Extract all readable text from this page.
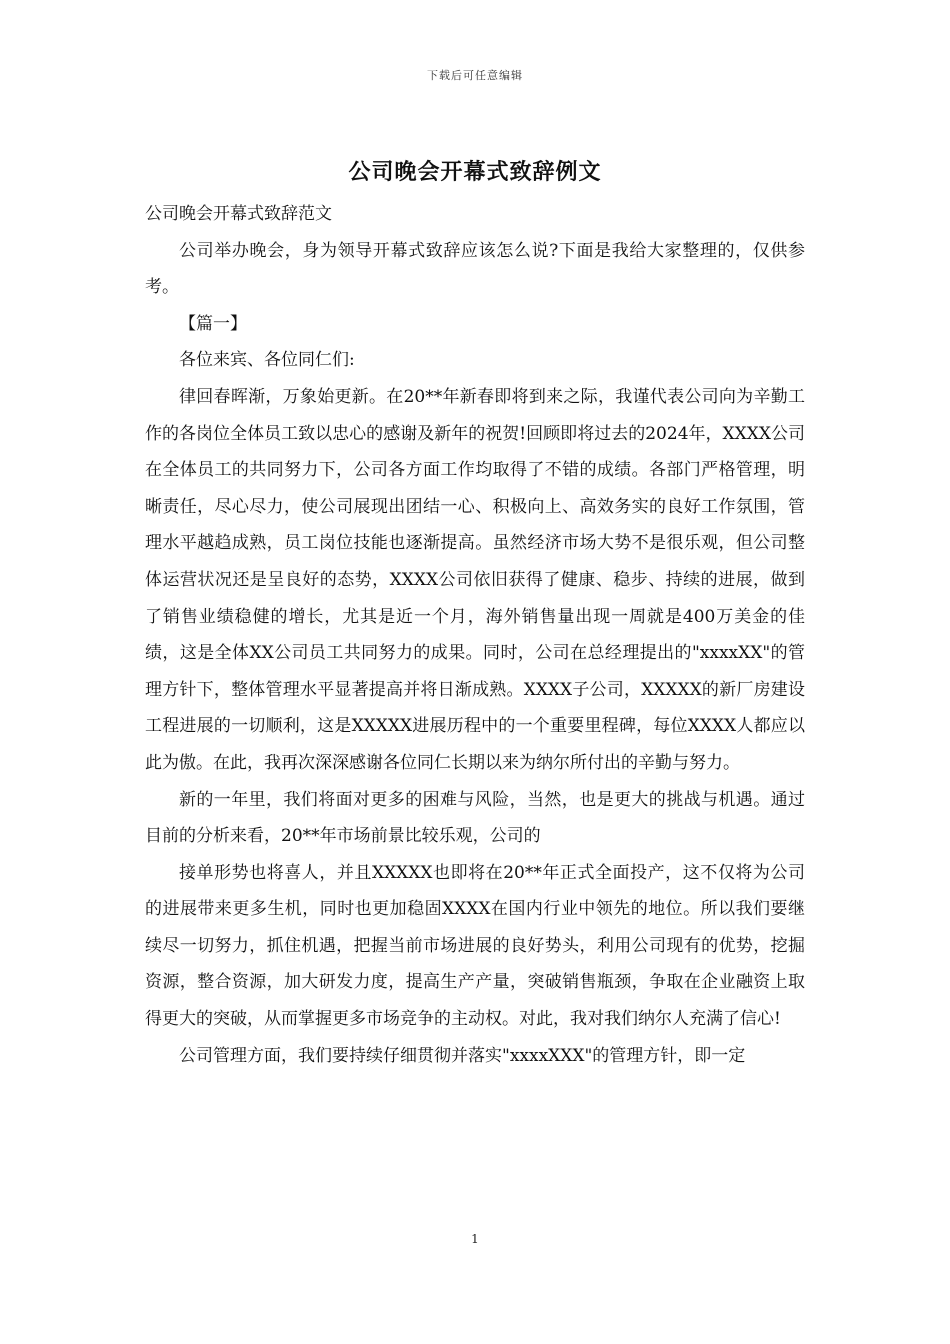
下载后可任意编辑
公司晚会开幕式致辞例文

公司晚会开幕式致辞范文

公司举办晚会，身为领导开幕式致辞应该怎么说?下面是我给大家整理的，仅供参考。

【篇一】

各位来宾、各位同仁们:

律回春晖渐，万象始更新。在20**年新春即将到来之际，我谨代表公司向为辛勤工作的各岗位全体员工致以忠心的感谢及新年的祝贺!回顾即将过去的2024年，XXXX公司在全体员工的共同努力下，公司各方面工作均取得了不错的成绩。各部门严格管理，明晰责任，尽心尽力，使公司展现出团结一心、积极向上、高效务实的良好工作氛围，管理水平越趋成熟，员工岗位技能也逐渐提高。虽然经济市场大势不是很乐观，但公司整体运营状况还是呈良好的态势，XXXX公司依旧获得了健康、稳步、持续的进展，做到了销售业绩稳健的增长，尤其是近一个月，海外销售量出现一周就是400万美金的佳绩，这是全体XX公司员工共同努力的成果。同时，公司在总经理提出的"xxxxXX"的管理方针下，整体管理水平显著提高并将日渐成熟。XXXX子公司，XXXXX的新厂房建设工程进展的一切顺利，这是XXXXX进展历程中的一个重要里程碑，每位XXXX人都应以此为傲。在此，我再次深深感谢各位同仁长期以来为纳尔所付出的辛勤与努力。

新的一年里，我们将面对更多的困难与风险，当然，也是更大的挑战与机遇。通过目前的分析来看，20**年市场前景比较乐观，公司的

接单形势也将喜人，并且XXXXX也即将在20**年正式全面投产，这不仅将为公司的进展带来更多生机，同时也更加稳固XXXX在国内行业中领先的地位。所以我们要继续尽一切努力，抓住机遇，把握当前市场进展的良好势头，利用公司现有的优势，挖掘资源，整合资源，加大研发力度，提高生产产量，突破销售瓶颈，争取在企业融资上取得更大的突破，从而掌握更多市场竞争的主动权。对此，我对我们纳尔人充满了信心!

公司管理方面，我们要持续仔细贯彻并落实"xxxxXXX"的管理方针，即一定

1
